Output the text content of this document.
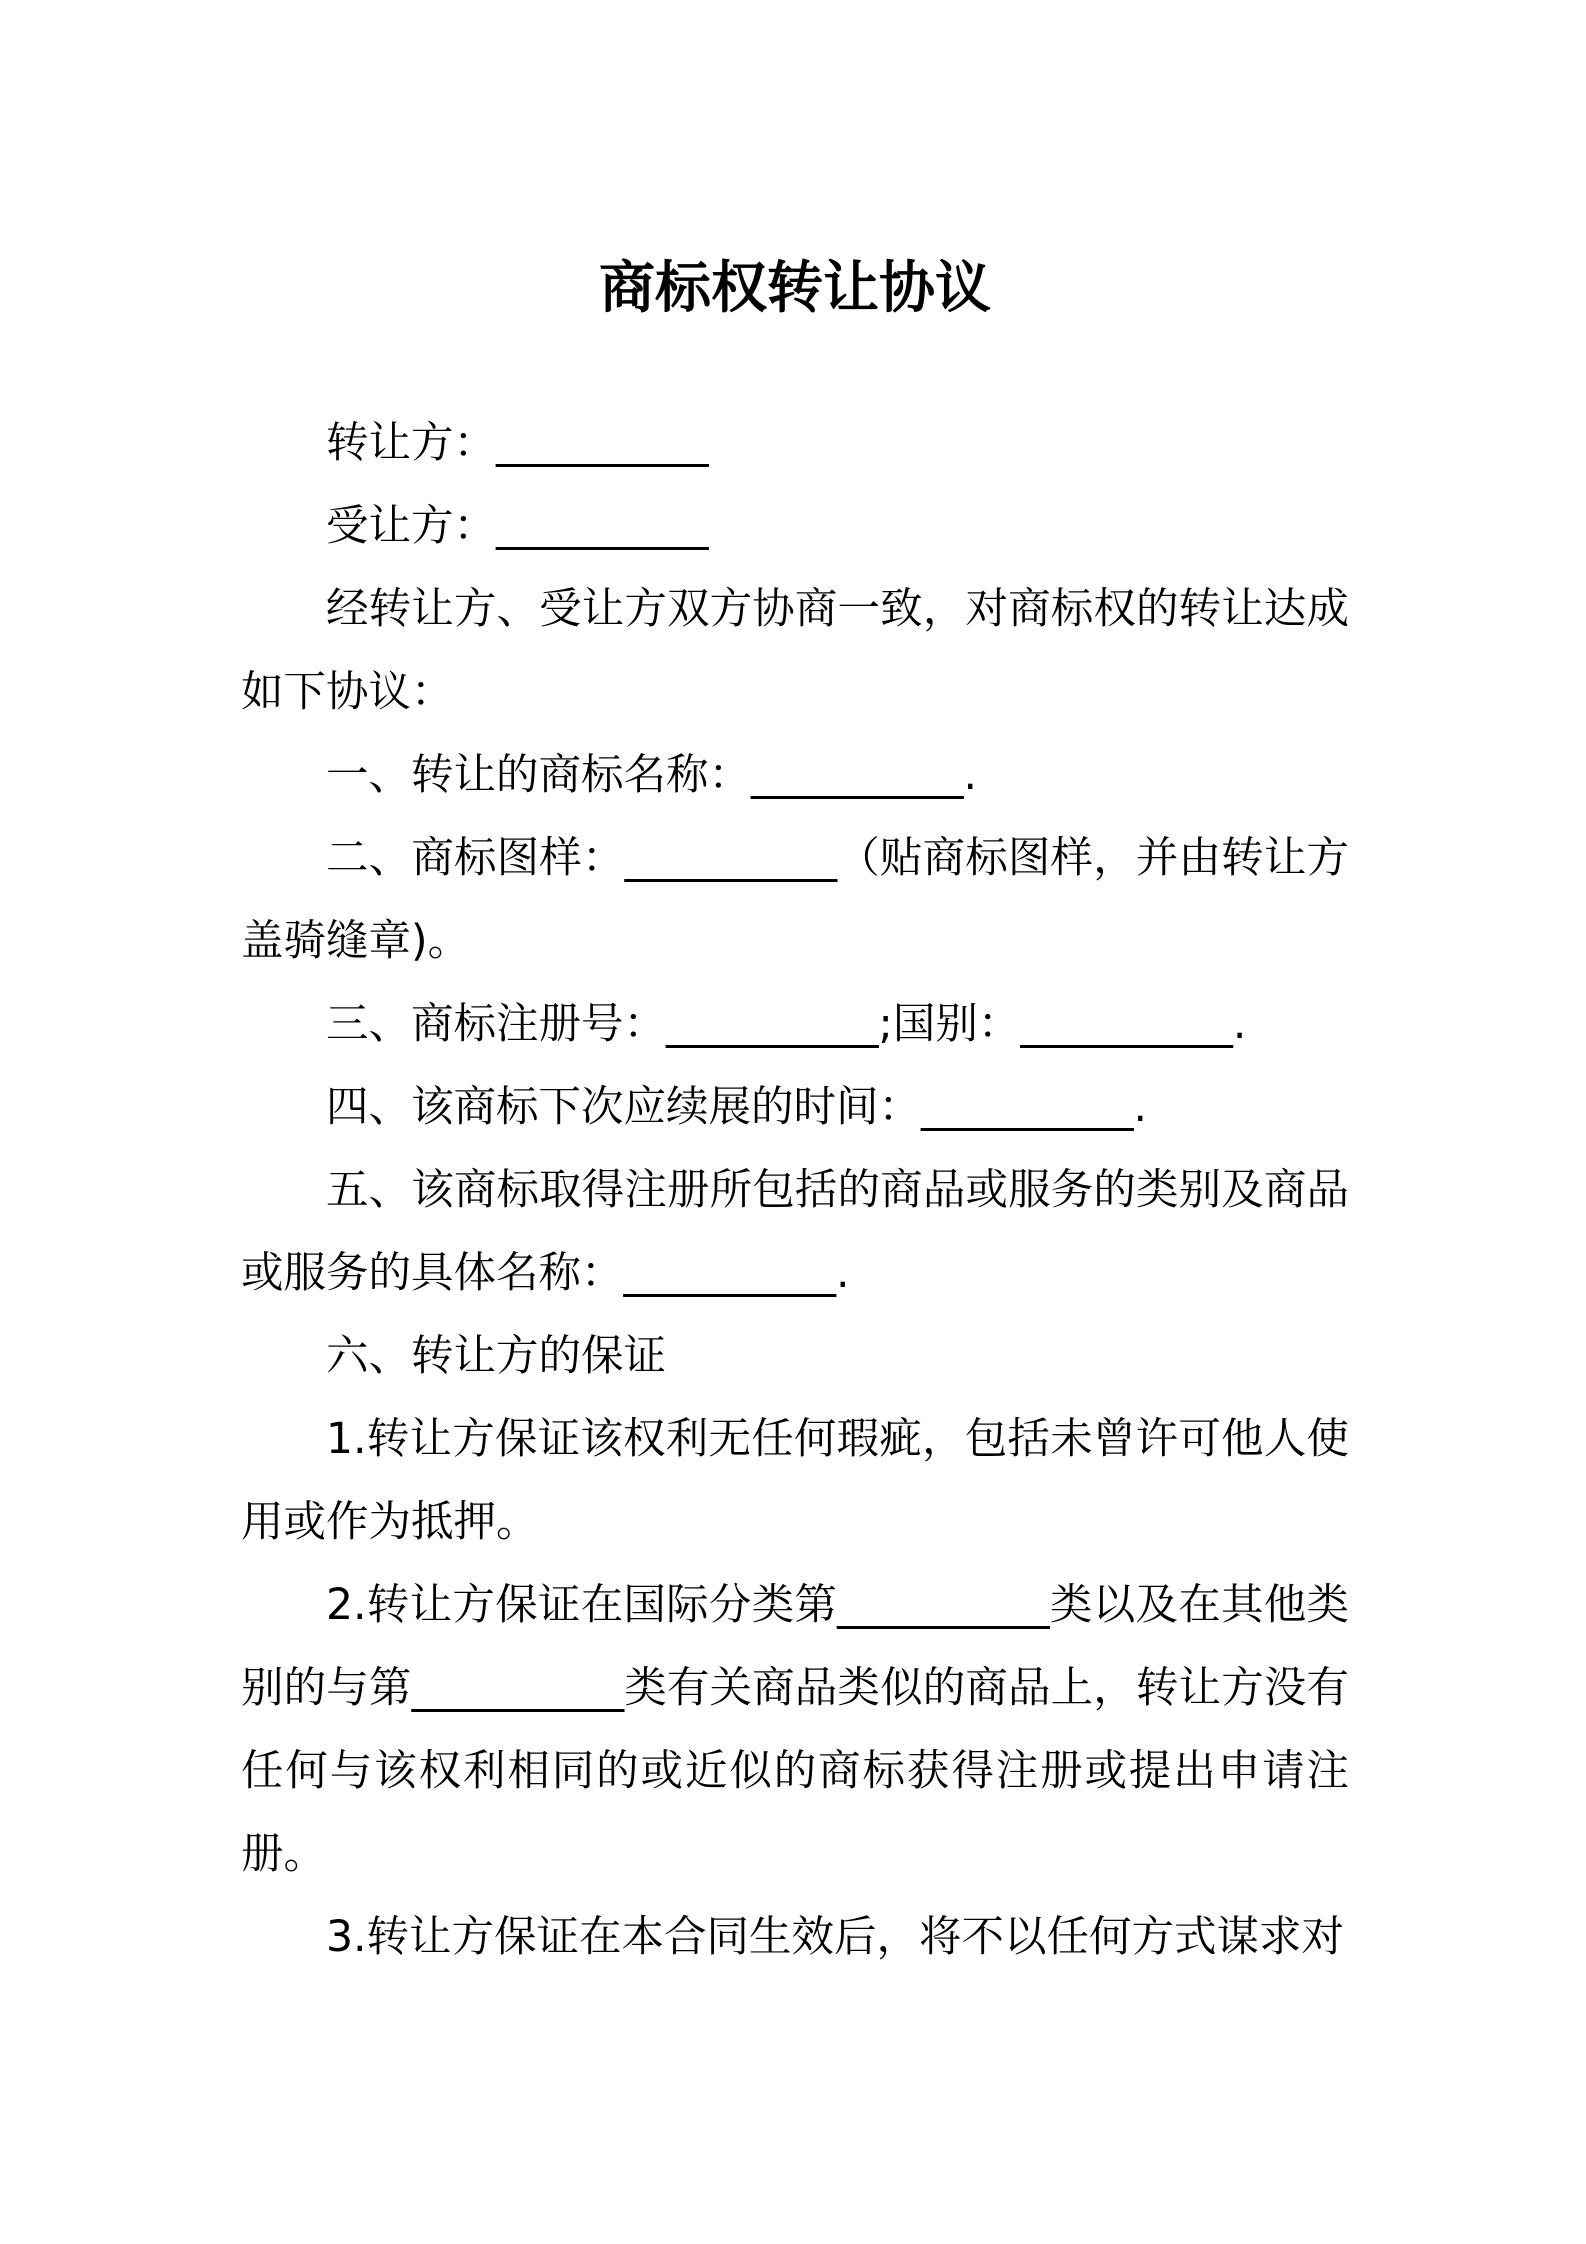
商标权转让协议

转让方：__________

受让方：__________

经转让方、受让方双方协商一致，对商标权的转让达成如下协议：

一、转让的商标名称：__________.

二、商标图样：__________（贴商标图样，并由转让方盖骑缝章)。

三、商标注册号：__________;国别：__________.

四、该商标下次应续展的时间：__________.

五、该商标取得注册所包括的商品或服务的类别及商品或服务的具体名称：__________.

六、转让方的保证

1.转让方保证该权利无任何瑕疵，包括未曾许可他人使用或作为抵押。

2.转让方保证在国际分类第__________类以及在其他类别的与第__________类有关商品类似的商品上，转让方没有任何与该权利相同的或近似的商标获得注册或提出申请注册。

3.转让方保证在本合同生效后，将不以任何方式谋求对
